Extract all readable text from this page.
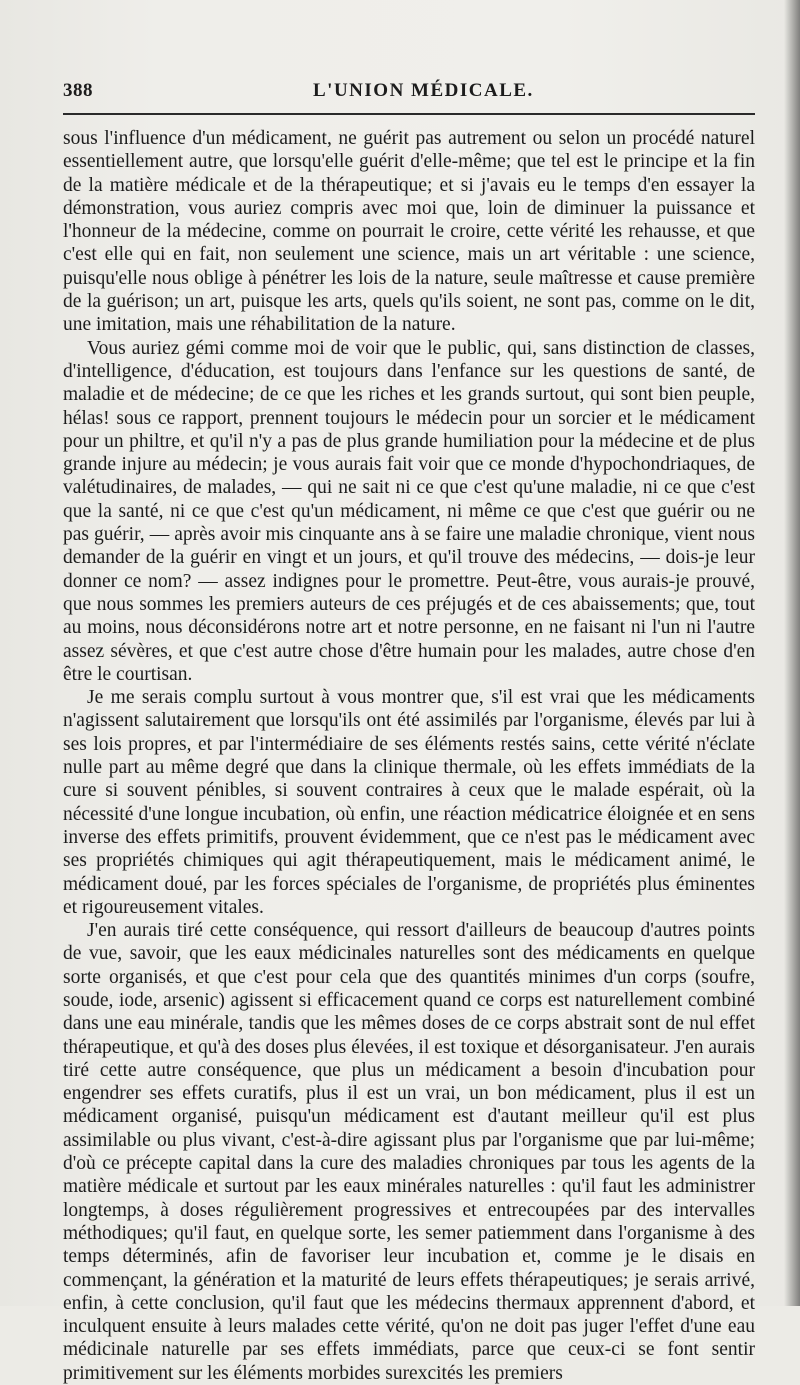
388	L'UNION MÉDICALE.

sous l'influence d'un médicament, ne guérit pas autrement ou selon un procédé naturel essentiellement autre, que lorsqu'elle guérit d'elle-même; que tel est le principe et la fin de la matière médicale et de la thérapeutique; et si j'avais eu le temps d'en essayer la démonstration, vous auriez compris avec moi que, loin de diminuer la puissance et l'honneur de la médecine, comme on pourrait le croire, cette vérité les rehausse, et que c'est elle qui en fait, non seulement une science, mais un art véritable : une science, puisqu'elle nous oblige à pénétrer les lois de la nature, seule maîtresse et cause première de la guérison; un art, puisque les arts, quels qu'ils soient, ne sont pas, comme on le dit, une imitation, mais une réhabilitation de la nature.

Vous auriez gémi comme moi de voir que le public, qui, sans distinction de classes, d'intelligence, d'éducation, est toujours dans l'enfance sur les questions de santé, de maladie et de médecine; de ce que les riches et les grands surtout, qui sont bien peuple, hélas! sous ce rapport, prennent toujours le médecin pour un sorcier et le médicament pour un philtre, et qu'il n'y a pas de plus grande humiliation pour la médecine et de plus grande injure au médecin; je vous aurais fait voir que ce monde d'hypochondriaques, de valétudinaires, de malades, — qui ne sait ni ce que c'est qu'une maladie, ni ce que c'est que la santé, ni ce que c'est qu'un médicament, ni même ce que c'est que guérir ou ne pas guérir, — après avoir mis cinquante ans à se faire une maladie chronique, vient nous demander de la guérir en vingt et un jours, et qu'il trouve des médecins, — dois-je leur donner ce nom? — assez indignes pour le promettre. Peut-être, vous aurais-je prouvé, que nous sommes les premiers auteurs de ces préjugés et de ces abaissements; que, tout au moins, nous déconsidérons notre art et notre personne, en ne faisant ni l'un ni l'autre assez sévères, et que c'est autre chose d'être humain pour les malades, autre chose d'en être le courtisan.

Je me serais complu surtout à vous montrer que, s'il est vrai que les médicaments n'agissent salutairement que lorsqu'ils ont été assimilés par l'organisme, élevés par lui à ses lois propres, et par l'intermédiaire de ses éléments restés sains, cette vérité n'éclate nulle part au même degré que dans la clinique thermale, où les effets immédiats de la cure si souvent pénibles, si souvent contraires à ceux que le malade espérait, où la nécessité d'une longue incubation, où enfin, une réaction médicatrice éloignée et en sens inverse des effets primitifs, prouvent évidemment, que ce n'est pas le médicament avec ses propriétés chimiques qui agit thérapeutiquement, mais le médicament animé, le médicament doué, par les forces spéciales de l'organisme, de propriétés plus éminentes et rigoureusement vitales.

J'en aurais tiré cette conséquence, qui ressort d'ailleurs de beaucoup d'autres points de vue, savoir, que les eaux médicinales naturelles sont des médicaments en quelque sorte organisés, et que c'est pour cela que des quantités minimes d'un corps (soufre, soude, iode, arsenic) agissent si efficacement quand ce corps est naturellement combiné dans une eau minérale, tandis que les mêmes doses de ce corps abstrait sont de nul effet thérapeutique, et qu'à des doses plus élevées, il est toxique et désorganisateur. J'en aurais tiré cette autre conséquence, que plus un médicament a besoin d'incubation pour engendrer ses effets curatifs, plus il est un vrai, un bon médicament, plus il est un médicament organisé, puisqu'un médicament est d'autant meilleur qu'il est plus assimilable ou plus vivant, c'est-à-dire agissant plus par l'organisme que par lui-même; d'où ce précepte capital dans la cure des maladies chroniques par tous les agents de la matière médicale et surtout par les eaux minérales naturelles : qu'il faut les administrer longtemps, à doses régulièrement progressives et entrecoupées par des intervalles méthodiques; qu'il faut, en quelque sorte, les semer patiemment dans l'organisme à des temps déterminés, afin de favoriser leur incubation et, comme je le disais en commençant, la génération et la maturité de leurs effets thérapeutiques; je serais arrivé, enfin, à cette conclusion, qu'il faut que les médecins thermaux apprennent d'abord, et inculquent ensuite à leurs malades cette vérité, qu'on ne doit pas juger l'effet d'une eau médicinale naturelle par ses effets immédiats, parce que ceux-ci se font sentir primitivement sur les éléments morbides surexcités les premiers
